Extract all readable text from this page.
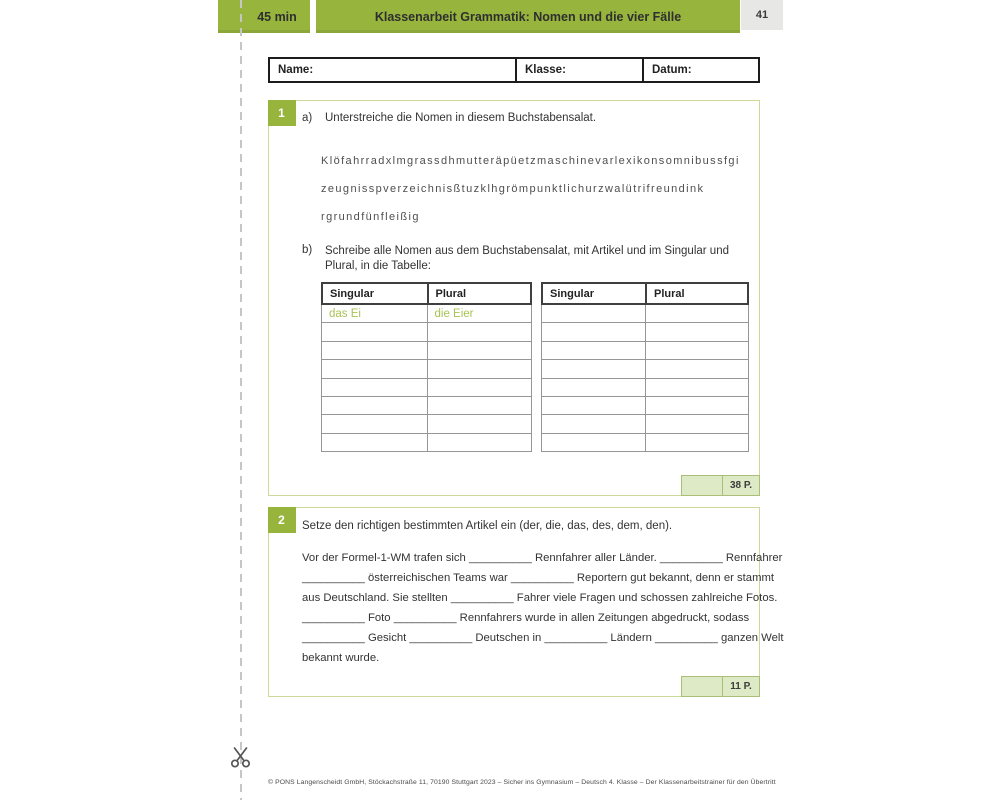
45 min	Klassenarbeit Grammatik: Nomen und die vier Fälle	41
Name:	Klasse:	Datum:
1	a)	Unterstreiche die Nomen in diesem Buchstabensalat.
Klöfahrradxlmgrassdhmutteräpüetzmaschinevarlexikonsomnibussfgi
zeugnisspverzeichnisßtuzklhgrömpunktlichurzwalütrifreundink
rgrundfünfleißig
b)	Schreibe alle Nomen aus dem Buchstabensalat, mit Artikel und im Singular und Plural, in die Tabelle:
Singular	Plural
das Ei	die Eier
Singular	Plural
38 P.
2	Setze den richtigen bestimmten Artikel ein (der, die, das, des, dem, den).
Vor der Formel-1-WM trafen sich __________ Rennfahrer aller Länder. __________ Rennfahrer
__________ österreichischen Teams war __________ Reportern gut bekannt, denn er stammt
aus Deutschland. Sie stellten __________ Fahrer viele Fragen und schossen zahlreiche Fotos.
__________ Foto __________ Rennfahrers wurde in allen Zeitungen abgedruckt, sodass
__________ Gesicht __________ Deutschen in __________ Ländern __________ ganzen Welt
bekannt wurde.
11 P.
© PONS Langenscheidt GmbH, Stöckachstraße 11, 70190 Stuttgart 2023 – Sicher ins Gymnasium – Deutsch 4. Klasse – Der Klassenarbeitstrainer für den Übertritt
